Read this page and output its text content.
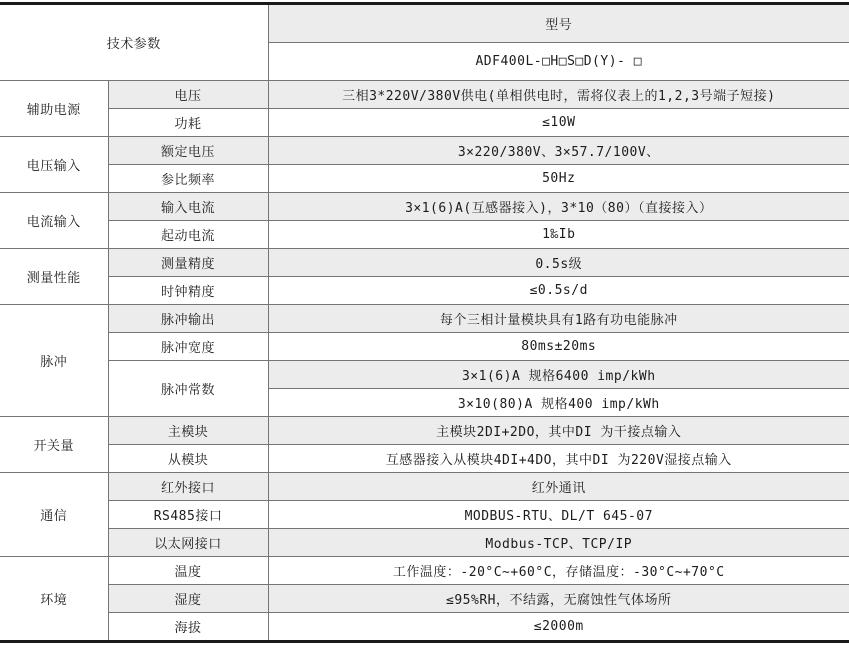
技术参数		型号
		ADF400L-□H□S□D(Y)- □
辅助电源	电压	三相3*220V/380V供电(单相供电时，需将仪表上的1,2,3号端子短接)
	功耗	≤10W
电压输入	额定电压	3×220/380V、3×57.7/100V、
	参比频率	50Hz
电流输入	输入电流	3×1(6)A(互感器接入)，3*10（80）（直接接入）
	起动电流	1‰Ib
测量性能	测量精度	0.5s级
	时钟精度	≤0.5s/d
脉冲	脉冲输出	每个三相计量模块具有1路有功电能脉冲
	脉冲宽度	80ms±20ms
	脉冲常数	3×1(6)A 规格6400 imp/kWh
		3×10(80)A 规格400 imp/kWh
开关量	主模块	主模块2DI+2DO，其中DI 为干接点输入
	从模块	互感器接入从模块4DI+4DO，其中DI 为220V湿接点输入
通信	红外接口	红外通讯
	RS485接口	MODBUS-RTU、DL/T 645-07
	以太网接口	Modbus-TCP、TCP/IP
环境	温度	工作温度：-20°C~+60°C，存储温度：-30°C~+70°C
	湿度	≤95%RH，不结露，无腐蚀性气体场所
	海拔	≤2000m
